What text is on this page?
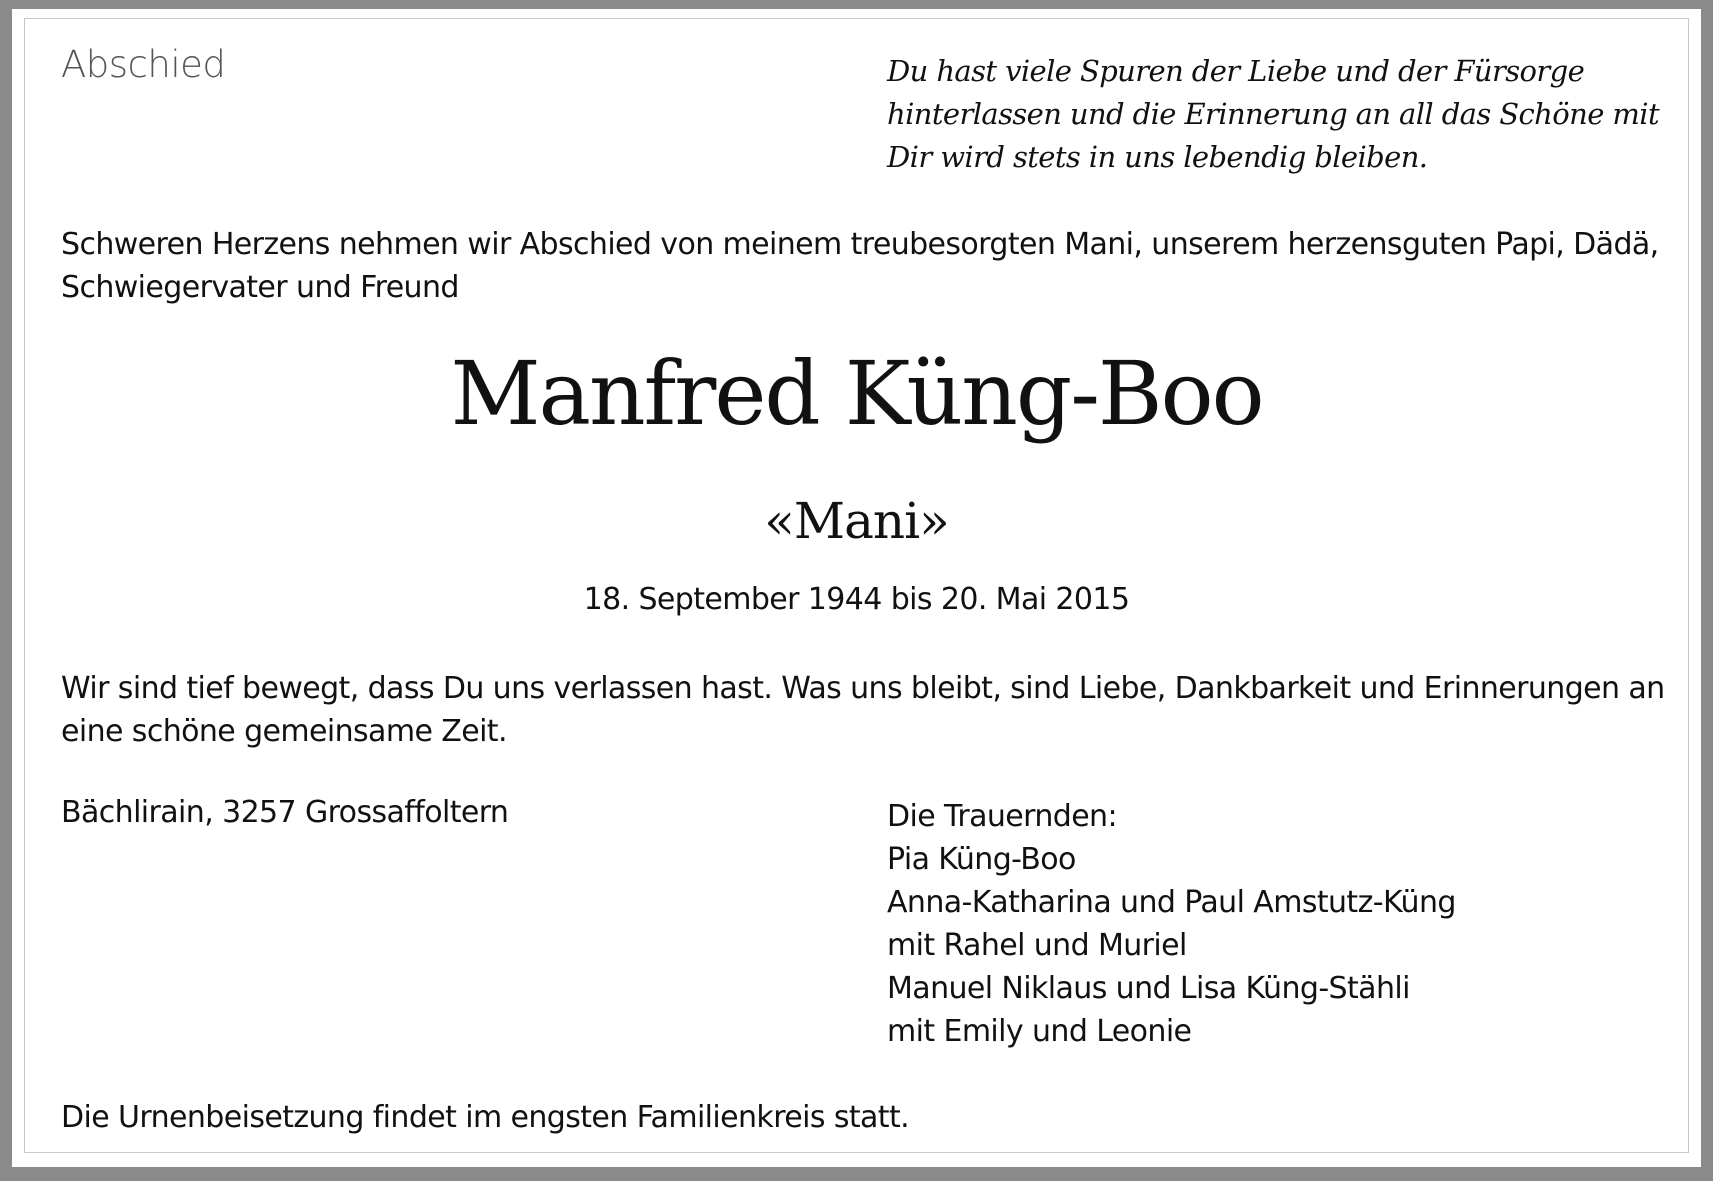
Abschied	Du hast viele Spuren der Liebe und der Fürsorge
hinterlassen und die Erinnerung an all das Schöne mit
Dir wird stets in uns lebendig bleiben.
Schweren Herzens nehmen wir Abschied von meinem treubesorgten Mani, unserem herzensguten Papi, Dädä,
Schwiegervater und Freund
Manfred Küng-Boo
«Mani»
18. September 1944 bis 20. Mai 2015
Wir sind tief bewegt, dass Du uns verlassen hast. Was uns bleibt, sind Liebe, Dankbarkeit und Erinnerungen an
eine schöne gemeinsame Zeit.
Bächlirain, 3257 Grossaffoltern	Die Trauernden:
Pia Küng-Boo
Anna-Katharina und Paul Amstutz-Küng
mit Rahel und Muriel
Manuel Niklaus und Lisa Küng-Stähli
mit Emily und Leonie
Die Urnenbeisetzung findet im engsten Familienkreis statt.
